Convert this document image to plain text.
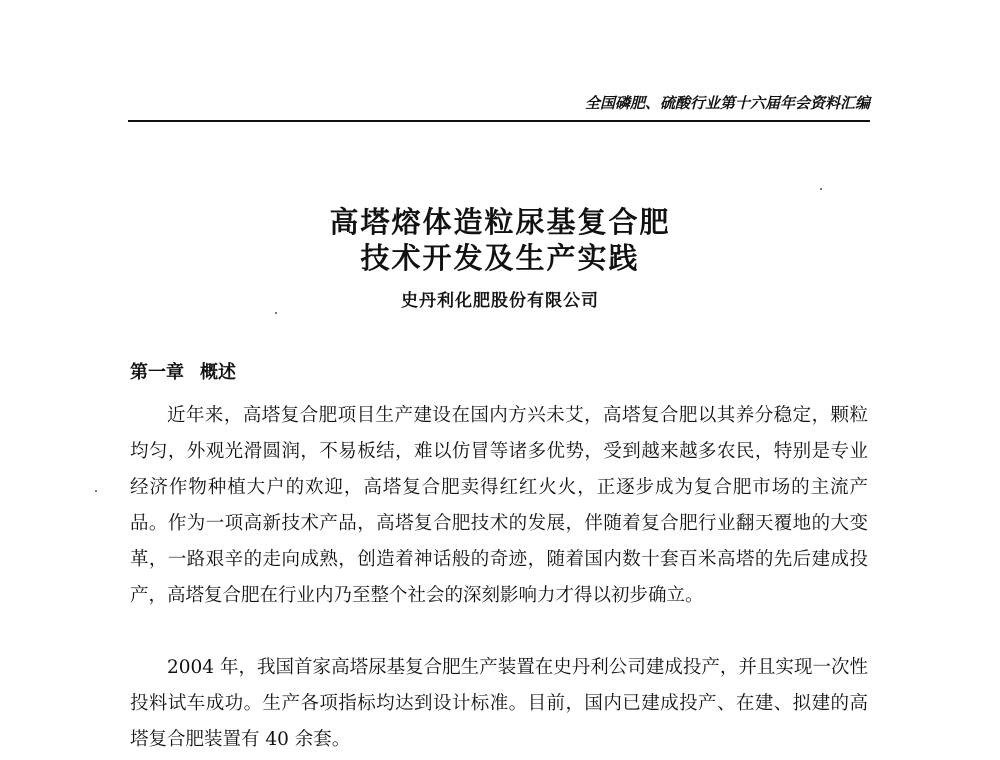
全国磷肥、硫酸行业第十六届年会资料汇编
高塔熔体造粒尿基复合肥
技术开发及生产实践
史丹利化肥股份有限公司
第一章 概述

近年来，高塔复合肥项目生产建设在国内方兴未艾，高塔复合肥以其养分稳定，颗粒均匀，外观光滑圆润，不易板结，难以仿冒等诸多优势，受到越来越多农民，特别是专业经济作物种植大户的欢迎，高塔复合肥卖得红红火火，正逐步成为复合肥市场的主流产品。作为一项高新技术产品，高塔复合肥技术的发展，伴随着复合肥行业翻天覆地的大变革，一路艰辛的走向成熟，创造着神话般的奇迹，随着国内数十套百米高塔的先后建成投产，高塔复合肥在行业内乃至整个社会的深刻影响力才得以初步确立。

2004 年，我国首家高塔尿基复合肥生产装置在史丹利公司建成投产，并且实现一次性投料试车成功。生产各项指标均达到设计标准。目前，国内已建成投产、在建、拟建的高塔复合肥装置有 40 余套。
